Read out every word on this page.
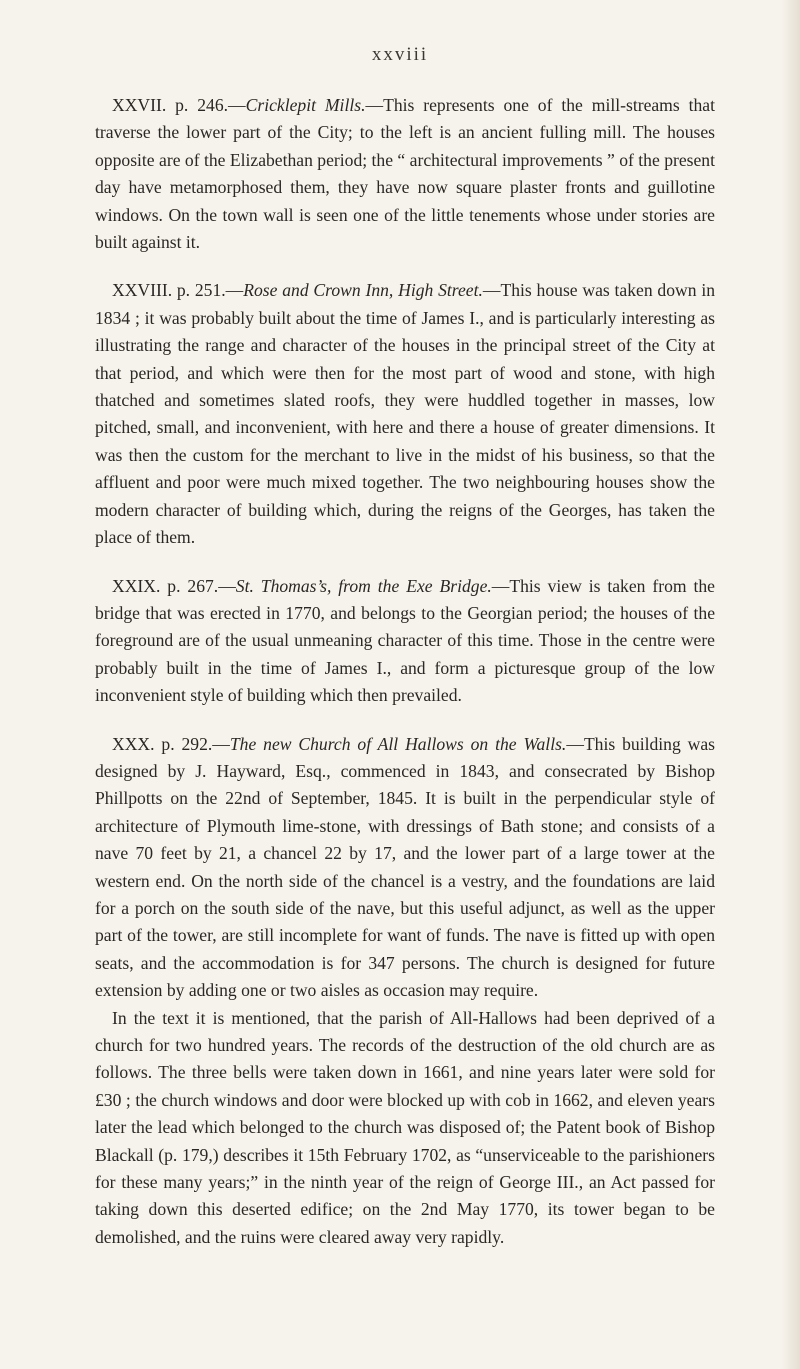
xxviii

XXVII. p. 246.—Cricklepit Mills.—This represents one of the mill-streams that traverse the lower part of the City; to the left is an ancient fulling mill. The houses opposite are of the Elizabethan period; the “ architectural improvements ” of the present day have metamorphosed them, they have now square plaster fronts and guillotine windows. On the town wall is seen one of the little tenements whose under stories are built against it.

XXVIII. p. 251.—Rose and Crown Inn, High Street.—This house was taken down in 1834 ; it was probably built about the time of James I., and is particularly interesting as illustrating the range and character of the houses in the principal street of the City at that period, and which were then for the most part of wood and stone, with high thatched and sometimes slated roofs, they were huddled together in masses, low pitched, small, and inconvenient, with here and there a house of greater dimensions. It was then the custom for the merchant to live in the midst of his business, so that the affluent and poor were much mixed together. The two neighbouring houses show the modern character of building which, during the reigns of the Georges, has taken the place of them.

XXIX. p. 267.—St. Thomas’s, from the Exe Bridge.—This view is taken from the bridge that was erected in 1770, and belongs to the Georgian period; the houses of the foreground are of the usual unmeaning character of this time. Those in the centre were probably built in the time of James I., and form a picturesque group of the low inconvenient style of building which then prevailed.

XXX. p. 292.—The new Church of All Hallows on the Walls.—This building was designed by J. Hayward, Esq., commenced in 1843, and consecrated by Bishop Phillpotts on the 22nd of September, 1845. It is built in the perpendicular style of architecture of Plymouth lime-stone, with dressings of Bath stone; and consists of a nave 70 feet by 21, a chancel 22 by 17, and the lower part of a large tower at the western end. On the north side of the chancel is a vestry, and the foundations are laid for a porch on the south side of the nave, but this useful adjunct, as well as the upper part of the tower, are still incomplete for want of funds. The nave is fitted up with open seats, and the accommodation is for 347 persons. The church is designed for future extension by adding one or two aisles as occasion may require.

In the text it is mentioned, that the parish of All-Hallows had been deprived of a church for two hundred years. The records of the destruction of the old church are as follows. The three bells were taken down in 1661, and nine years later were sold for £30 ; the church windows and door were blocked up with cob in 1662, and eleven years later the lead which belonged to the church was disposed of; the Patent book of Bishop Blackall (p. 179,) describes it 15th February 1702, as “unserviceable to the parishioners for these many years;” in the ninth year of the reign of George III., an Act passed for taking down this deserted edifice; on the 2nd May 1770, its tower began to be demolished, and the ruins were cleared away very rapidly.
